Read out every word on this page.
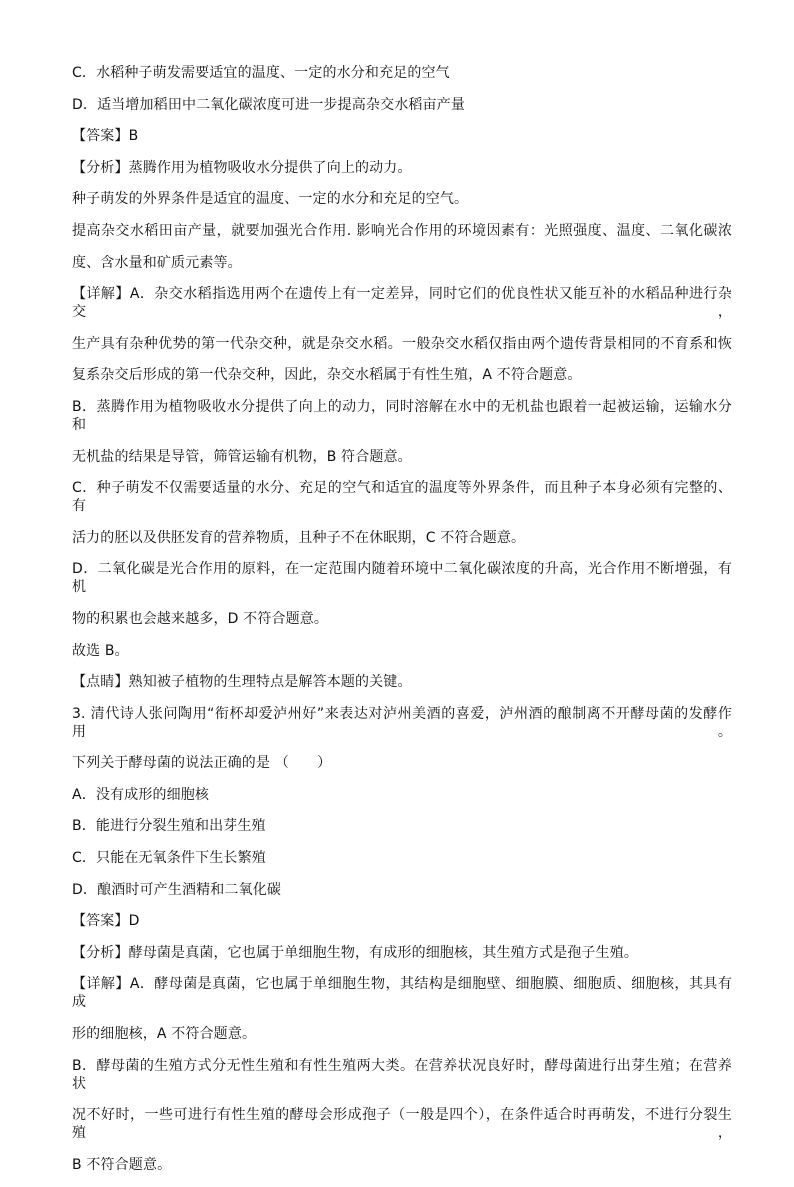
C．水稻种子萌发需要适宜的温度、一定的水分和充足的空气
D．适当增加稻田中二氧化碳浓度可进一步提高杂交水稻亩产量
【答案】B
【分析】蒸腾作用为植物吸收水分提供了向上的动力。
种子萌发的外界条件是适宜的温度、一定的水分和充足的空气。
提高杂交水稻田亩产量，就要加强光合作用. 影响光合作用的环境因素有：光照强度、温度、二氧化碳浓
度、含水量和矿质元素等。
【详解】A．杂交水稻指选用两个在遗传上有一定差异，同时它们的优良性状又能互补的水稻品种进行杂交，
生产具有杂种优势的第一代杂交种，就是杂交水稻。一般杂交水稻仅指由两个遗传背景相同的不育系和恢
复系杂交后形成的第一代杂交种，因此，杂交水稻属于有性生殖，A 不符合题意。
B．蒸腾作用为植物吸收水分提供了向上的动力，同时溶解在水中的无机盐也跟着一起被运输，运输水分和
无机盐的结果是导管，筛管运输有机物，B 符合题意。
C．种子萌发不仅需要适量的水分、充足的空气和适宜的温度等外界条件，而且种子本身必须有完整的、有
活力的胚以及供胚发育的营养物质，且种子不在休眠期，C 不符合题意。
D．二氧化碳是光合作用的原料，在一定范围内随着环境中二氧化碳浓度的升高，光合作用不断增强，有机
物的积累也会越来越多，D 不符合题意。
故选 B。
【点睛】熟知被子植物的生理特点是解答本题的关键。
3. 清代诗人张问陶用“衔杯却爱泸州好”来表达对泸州美酒的喜爱，泸州酒的酿制离不开酵母菌的发酵作用。
下列关于酵母菌的说法正确的是 （　　）
A．没有成形的细胞核
B．能进行分裂生殖和出芽生殖
C．只能在无氧条件下生长繁殖
D．酿酒时可产生酒精和二氧化碳
【答案】D
【分析】酵母菌是真菌，它也属于单细胞生物，有成形的细胞核，其生殖方式是孢子生殖。
【详解】A．酵母菌是真菌，它也属于单细胞生物，其结构是细胞壁、细胞膜、细胞质、细胞核，其具有成
形的细胞核，A 不符合题意。
B．酵母菌的生殖方式分无性生殖和有性生殖两大类。在营养状况良好时，酵母菌进行出芽生殖；在营养状
况不好时，一些可进行有性生殖的酵母会形成孢子（一般是四个），在条件适合时再萌发，不进行分裂生殖，
B 不符合题意。
